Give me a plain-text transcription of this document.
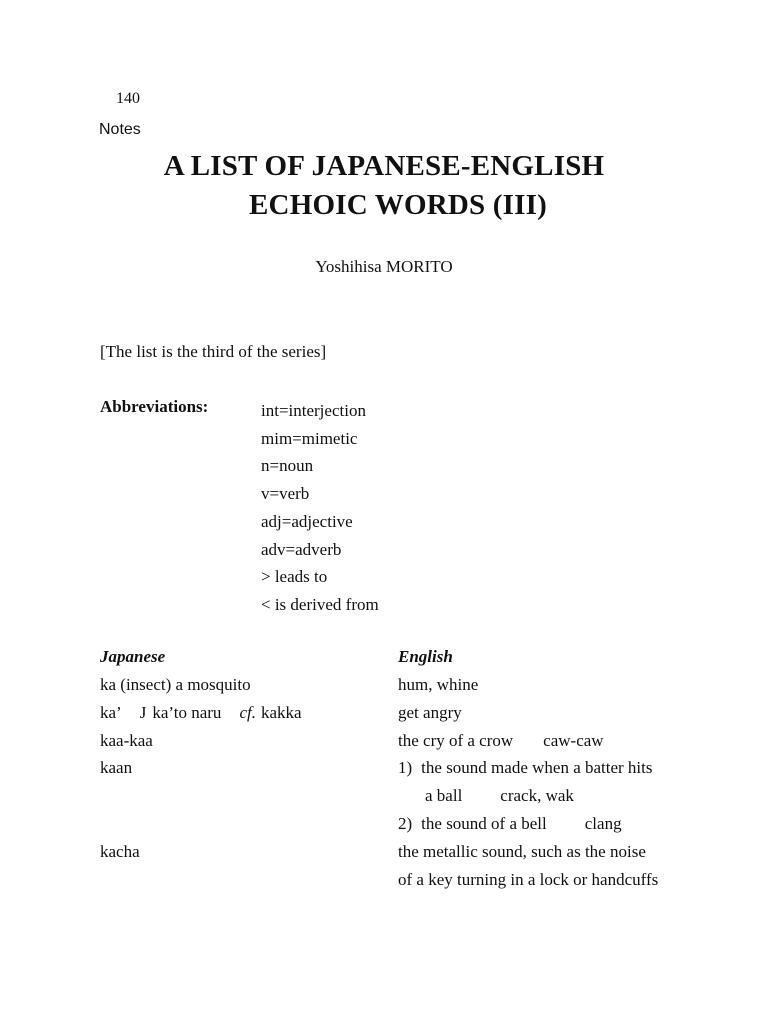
140
Notes
A LIST OF JAPANESE-ENGLISH
ECHOIC WORDS (III)
Yoshihisa MORITO
[The list is the third of the series]
Abbreviations:	int=interjection
mim=mimetic
n=noun
v=verb
adj=adjective
adv=adverb
> leads to
< is derived from
Japanese	English
ka (insect) a mosquito	hum, whine
ka’ J ka’to naru cf. kakka	get angry
kaa-kaa	the cry of a crow caw-caw
kaan	1) the sound made when a batter hits
a ball crack, wak
2) the sound of a bell clang
kacha	the metallic sound, such as the noise
of a key turning in a lock or handcuffs
